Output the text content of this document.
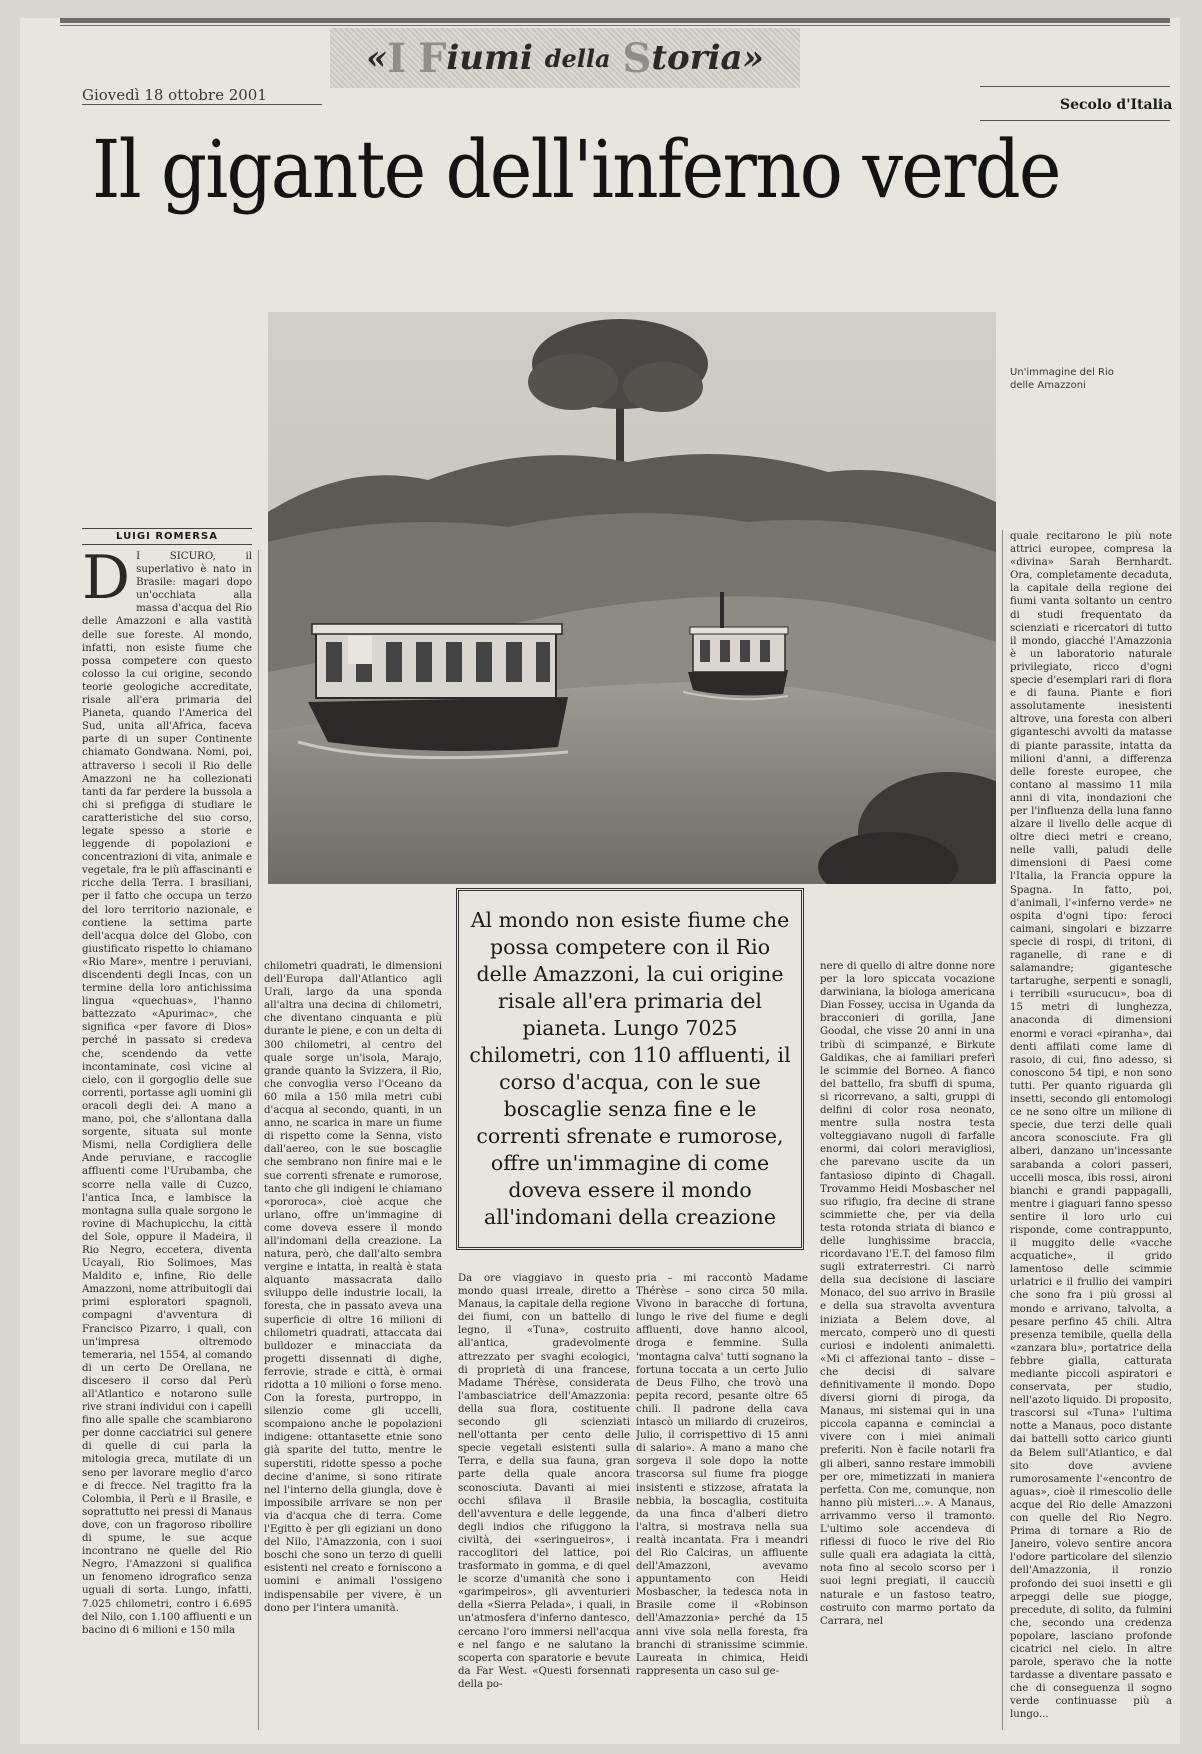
« I
F iumi
della
S toria »
Giovedì 18 ottobre 2001
Secolo d'Italia
Il gigante dell'inferno verde
Un'immagine del Rio delle Amazzoni
LUIGI ROMERSA
D I SICURO, il superlativo è nato in Brasile: magari dopo un'occhiata alla massa d'acqua del Rio delle Amazzoni e alla vastità delle sue foreste. Al mondo, infatti, non esiste fiume che possa competere con questo colosso la cui origine, secondo teorie geologiche accreditate, risale all'era primaria del Pianeta, quando l'America del Sud, unita all'Africa, faceva parte di un super Continente chiamato Gondwana. Nomi, poi, attraverso i secoli il Rio delle Amazzoni ne ha collezionati tanti da far perdere la bussola a chi si prefigga di studiare le caratteristiche del suo corso, legate spesso a storie e leggende di popolazioni e concentrazioni di vita, animale e vegetale, fra le più affascinanti e ricche della Terra. I brasiliani, per il fatto che occupa un terzo del loro territorio nazionale, e contiene la settima parte dell'acqua dolce del Globo, con giustificato rispetto lo chiamano «Rio Mare», mentre i peruviani, discendenti degli Incas, con un termine della loro antichissima lingua «quechuas», l'hanno battezzato «Apurimac», che significa «per favore di Dios» perché in passato si credeva che, scendendo da vette incontaminate, così vicine al cielo, con il gorgoglio delle sue correnti, portasse agli uomini gli oracoli degli dei. A mano a mano, poi, che s'allontana dalla sorgente, situata sul monte Mismi, nella Cordigliera delle Ande peruviane, e raccoglie affluenti come l'Urubamba, che scorre nella valle di Cuzco, l'antica Inca, e lambisce la montagna sulla quale sorgono le rovine di Machupicchu, la città del Sole, oppure il Madeira, il Rio Negro, eccetera, diventa Ucayali, Rio Solimoes, Mas Maldito e, infine, Rio delle Amazzoni, nome attribuitogli dai primi esploratori spagnoli, compagni d'avventura di Francisco Pizarro, i quali, con un'impresa oltremodo temeraria, nel 1554, al comando di un certo De Orellana, ne discesero il corso dal Perù all'Atlantico e notarono sulle rive strani individui con i capelli fino alle spalle che scambiarono per donne cacciatrici sul genere di quelle di cui parla la mitologia greca, mutilate di un seno per lavorare meglio d'arco e di frecce. Nel tragitto fra la Colombia, il Perù e il Brasile, e soprattutto nei pressi di Manaus dove, con un fragoroso ribollire di spume, le sue acque incontrano ne quelle del Rio Negro, l'Amazzoni si qualifica un fenomeno idrografico senza uguali di sorta. Lungo, infatti, 7.025 chilometri, contro i 6.695 del Nilo, con 1.100 affluenti e un bacino di 6 milioni e 150 mila
chilometri quadrati, le dimensioni dell'Europa dall'Atlantico agli Urali, largo da una sponda all'altra una decina di chilometri, che diventano cinquanta e più durante le piene, e con un delta di 300 chilometri, al centro del quale sorge un'isola, Marajo, grande quanto la Svizzera, il Rio, che convoglia verso l'Oceano da 60 mila a 150 mila metri cubi d'acqua al secondo, quanti, in un anno, ne scarica in mare un fiume di rispetto come la Senna, visto dall'aereo, con le sue boscaglie che sembrano non finire mai e le sue correnti sfrenate e rumorose, tanto che gli indigeni le chiamano «pororoca», cioè acque che urlano, offre un'immagine di come doveva essere il mondo all'indomani della creazione. La natura, però, che dall'alto sembra vergine e intatta, in realtà è stata alquanto massacrata dallo sviluppo delle industrie locali, la foresta, che in passato aveva una superficie di oltre 16 milioni di chilometri quadrati, attaccata dai bulldozer e minacciata da progetti dissennati di dighe, ferrovie, strade e città, è ormai ridotta a 10 milioni o forse meno. Con la foresta, purtroppo, in silenzio come gli uccelli, scompaiono anche le popolazioni indigene: ottantasette etnie sono già sparite del tutto, mentre le superstiti, ridotte spesso a poche decine d'anime, si sono ritirate nel l'interno della giungla, dove è impossibile arrivare se non per via d'acqua che di terra. Come l'Egitto è per gli egiziani un dono del Nilo, l'Amazzonia, con i suoi boschi che sono un terzo di quelli esistenti nel creato e forniscono a uomini e animali l'ossigeno indispensabile per vivere, è un dono per l'intera umanità.
Da ore viaggiavo in questo mondo quasi irreale, diretto a Manaus, la capitale della regione dei fiumi, con un battello di legno, il «Tuna», costruito all'antica, gradevolmente attrezzato per svaghi ecologici, di proprietà di una francese, Madame Thérèse, considerata l'ambasciatrice dell'Amazzonia: della sua flora, costituente secondo gli scienziati nell'ottanta per cento delle specie vegetali esistenti sulla Terra, e della sua fauna, gran parte della quale ancora sconosciuta. Davanti ai miei occhi sfilava il Brasile dell'avventura e delle leggende, degli indios che rifuggono la civiltà, dei «seringueiros», i raccoglitori del lattice, poi trasformato in gomma, e di quel le scorze d'umanità che sono i «garimpeiros», gli avventurieri della «Sierra Pelada», i quali, in un'atmosfera d'inferno dantesco, cercano l'oro immersi nell'acqua e nel fango e ne salutano la scoperta con sparatorie e bevute da Far West. «Questi forsennati della po-
pria – mi raccontò Madame Thérèse – sono circa 50 mila. Vivono in baracche di fortuna, lungo le rive del fiume e degli affluenti, dove hanno alcool, droga e femmine. Sulla 'montagna calva' tutti sognano la fortuna toccata a un certo Julio de Deus Filho, che trovò una pepita record, pesante oltre 65 chili. Il padrone della cava intascò un miliardo di cruzeiros, Julio, il corrispettivo di 15 anni di salario». A mano a mano che sorgeva il sole dopo la notte trascorsa sul fiume fra piogge insistenti e stizzose, afratata la nebbia, la boscaglia, costituita da una finca d'alberi dietro l'altra, si mostrava nella sua realtà incantata. Fra i meandri del Rio Calciras, un affluente dell'Amazzoni, avevamo appuntamento con Heidi Mosbascher, la tedesca nota in Brasile come il «Robinson dell'Amazzonia» perché da 15 anni vive sola nella foresta, fra branchi di stranissime scimmie. Laureata in chimica, Heidi rappresenta un caso sul ge-
Al mondo non esiste fiume che possa competere con il Rio delle Amazzoni, la cui origine risale all'era primaria del pianeta. Lungo 7025 chilometri, con 110 affluenti, il corso d'acqua, con le sue boscaglie senza fine e le correnti sfrenate e rumorose, offre un'immagine di come doveva essere il mondo all'indomani della creazione
nere di quello di altre donne nore per la loro spiccata vocazione darwiniana, la biologa americana Dian Fossey, uccisa in Uganda da bracconieri di gorilla, Jane Goodal, che visse 20 anni in una tribù di scimpanzé, e Birkute Galdikas, che ai familiari preferì le scimmie del Borneo. A fianco del battello, fra sbuffi di spuma, si ricorrevano, a salti, gruppi di delfini di color rosa neonato, mentre sulla nostra testa volteggiavano nugoli di farfalle enormi, dai colori meravigliosi, che parevano uscite da un fantasioso dipinto di Chagall. Trovammo Heidi Mosbascher nel suo rifugio, fra decine di strane scimmiette che, per via della testa rotonda striata di bianco e delle lunghissime braccia, ricordavano l'E.T. del famoso film sugli extraterrestri. Ci narrò della sua decisione di lasciare Monaco, del suo arrivo in Brasile e della sua stravolta avventura iniziata a Belem dove, al mercato, comperò uno di questi curiosi e indolenti animaletti. «Mi ci affezionai tanto – disse – che decisi di salvare definitivamente il mondo. Dopo diversi giorni di piroga, da Manaus, mi sistemai qui in una piccola capanna e cominciai a vivere con i miei animali preferiti. Non è facile notarli fra gli alberi, sanno restare immobili per ore, mimetizzati in maniera perfetta. Con me, comunque, non hanno più misteri...». A Manaus, arrivammo verso il tramonto. L'ultimo sole accendeva di riflessi di fuoco le rive del Rio sulle quali era adagiata la città, nota fino al secolo scorso per i suoi legni pregiati, il caucciù naturale e un fastoso teatro, costruito con marmo portato da Carrara, nel
quale recitarono le più note attrici europee, compresa la «divina» Sarah Bernhardt. Ora, completamente decaduta, la capitale della regione dei fiumi vanta soltanto un centro di studi frequentato da scienziati e ricercatori di tutto il mondo, giacché l'Amazzonia è un laboratorio naturale privilegiato, ricco d'ogni specie d'esemplari rari di flora e di fauna. Piante e fiori assolutamente inesistenti altrove, una foresta con alberi giganteschi avvolti da matasse di piante parassite, intatta da milioni d'anni, a differenza delle foreste europee, che contano al massimo 11 mila anni di vita, inondazioni che per l'influenza della luna fanno alzare il livello delle acque di oltre dieci metri e creano, nelle valli, paludi delle dimensioni di Paesi come l'Italia, la Francia oppure la Spagna. In fatto, poi, d'animali, l'«inferno verde» ne ospita d'ogni tipo: feroci caimani, singolari e bizzarre specie di rospi, di tritoni, di raganelle, di rane e di salamandre; gigantesche tartarughe, serpenti e sonagli, i terribili «surucucu», boa di 15 metri di lunghezza, anaconda di dimensioni enormi e voraci «piranha», dai denti affilati come lame di rasoio, di cui, fino adesso, si conoscono 54 tipi, e non sono tutti. Per quanto riguarda gli insetti, secondo gli entomologi ce ne sono oltre un milione di specie, due terzi delle quali ancora sconosciute. Fra gli alberi, danzano un'incessante sarabanda a colori passeri, uccelli mosca, ibis rossi, aironi bianchi e grandi pappagalli, mentre i giaguari fanno spesso sentire il loro urlo cui risponde, come contrappunto, il muggito delle «vacche acquatiche», il grido lamentoso delle scimmie urlatrici e il frullio dei vampiri che sono fra i più grossi al mondo e arrivano, talvolta, a pesare perfino 45 chili. Altra presenza temibile, quella della «zanzara blu», portatrice della febbre gialla, catturata mediante piccoli aspiratori e conservata, per studio, nell'azoto liquido. Di proposito, trascorsi sul «Tuna» l'ultima notte a Manaus, poco distante dai battelli sotto carico giunti da Belem sull'Atlantico, e dal sito dove avviene rumorosamente l'«encontro de aguas», cioè il rimescolio delle acque del Rio delle Amazzoni con quelle del Rio Negro. Prima di tornare a Rio de Janeiro, volevo sentire ancora l'odore particolare del silenzio dell'Amazzonia, il ronzio profondo dei suoi insetti e gli arpeggi delle sue piogge, precedute, di solito, da fulmini che, secondo una credenza popolare, lasciano profonde cicatrici nel cielo. In altre parole, speravo che la notte tardasse a diventare passato e che di conseguenza il sogno verde continuasse più a lungo...
